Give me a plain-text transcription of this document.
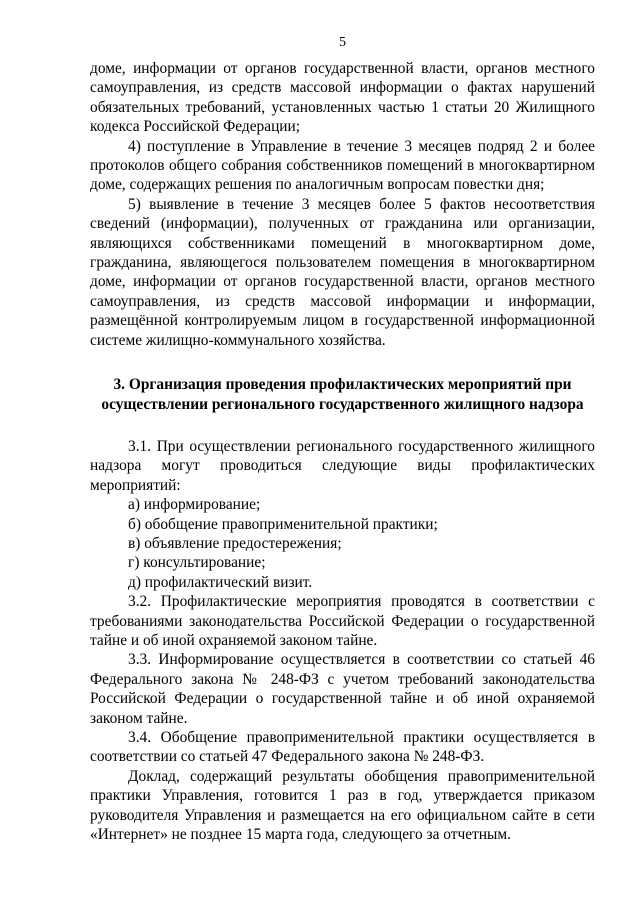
5

доме, информации от органов государственной власти, органов местного самоуправления, из средств массовой информации о фактах нарушений обязательных требований, установленных частью 1 статьи 20 Жилищного кодекса Российской Федерации;

4) поступление в Управление в течение 3 месяцев подряд 2 и более протоколов общего собрания собственников помещений в многоквартирном доме, содержащих решения по аналогичным вопросам повестки дня;

5) выявление в течение 3 месяцев более 5 фактов несоответствия сведений (информации), полученных от гражданина или организации, являющихся собственниками помещений в многоквартирном доме, гражданина, являющегося пользователем помещения в многоквартирном доме, информации от органов государственной власти, органов местного самоуправления, из средств массовой информации и информации, размещённой контролируемым лицом в государственной информационной системе жилищно-коммунального хозяйства.

3. Организация проведения профилактических мероприятий при
осуществлении регионального государственного жилищного надзора

3.1. При осуществлении регионального государственного жилищного надзора могут проводиться следующие виды профилактических мероприятий:

а) информирование;

б) обобщение правоприменительной практики;

в) объявление предостережения;

г) консультирование;

д) профилактический визит.

3.2. Профилактические мероприятия проводятся в соответствии с требованиями законодательства Российской Федерации о государственной тайне и об иной охраняемой законом тайне.

3.3. Информирование осуществляется в соответствии со статьей 46 Федерального закона № 248-ФЗ с учетом требований законодательства Российской Федерации о государственной тайне и об иной охраняемой законом тайне.

3.4. Обобщение правоприменительной практики осуществляется в соответствии со статьей 47 Федерального закона № 248-ФЗ.

Доклад, содержащий результаты обобщения правоприменительной практики Управления, готовится 1 раз в год, утверждается приказом руководителя Управления и размещается на его официальном сайте в сети «Интернет» не позднее 15 марта года, следующего за отчетным.
